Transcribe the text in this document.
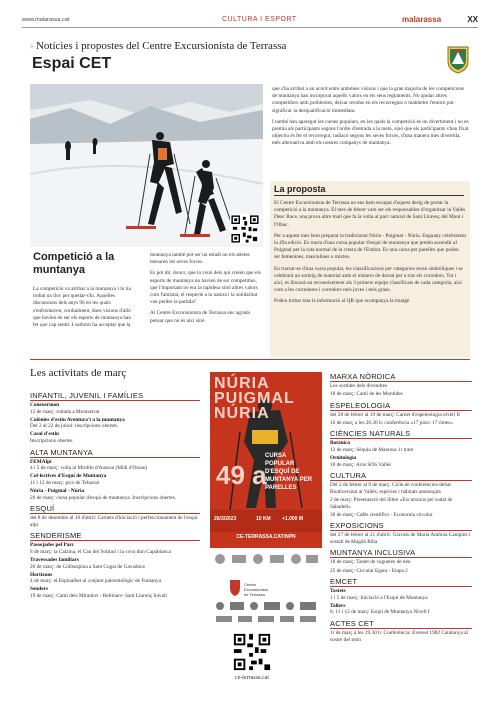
www.malarassa.cat	CULTURA I ESPORT	malarassa	XX
> Notícies i propostes del Centre Excursionista de Terrassa
Espai CET
Competició a la muntanya

La competició va arribar a la muntanya i hi ha trobat un lloc per quedar-s'hi. Aquelles discussions dels anys 90 en les quals s'enfrontaven, cordialment, dues visions d'allò que havien de ser els esports de muntanya han fet que cap sentit. I sorborn ha acceptar que la

muntanya també pot ser un estadi on els atletes mesuren les seves forces.

Es pot dir, doncs, que la visió dels qui creien que els esports de muntanya no havien de ser competitius, que l'important no era la rapidesa sinó altres valors com l'amistat, el respecte a la natura i la solidaritat van perdre la partida?

Al Centre Excursionista de Terrassa ens agrada pensar que no és així sinó

que s'ha arribat a un acord entre ambdues visions i que la gran majoria de les competicions de muntanya han incorporat aquells valors en els seus reglaments. No ajudar altres competidors amb problemes, deixar residus en els recorreguts o malmetre l'entorn pot significar la desqualificació immediata.

I també han aparegut les curses populars, en les quals la competició és un divertiment i no es premia als participants segons l'ordre d'entrada a la meta, sinó que els participants s'han fixat objectiu és fer el recorregut, radiacó segons les seves forces, d'una manera més divertida, més alternativa amb els nostres companys de muntanya.

La proposta

El Centre Excursionista de Terrassa no ens hem escapat d'aquest desig de portar la competició a la muntanya. El mes de febrer vam ser els responsables d'organitzar la Vallès Deac Race, una prova altre tnail que fa la volta al parc natural de Sant Llorenç del Munt i l'Obac.

Per a aquest mes hem preparat la tradicional Núria - Puigmal - Núria. Enguany celebrarem la 49a edició. Es tracta d'una cursa popular d'esquí de muntanya que pretén ascendir al Puigmal per la ruta normal de la cresta de l'Embut. Es una cursa per parelles que poden ser femenines, masculines o mixtes.

En tractar-se d'una cursa popular, les classificacions per categories seran simbòliques i se celebrarà un sorteig de material amb el número de dorsal per a tots els corredors. Tot i així, es lliurarà un reconeixement als 3 primers equips classificats de cada categoria, així com a les corredores i corredors més joves i més grans.

Podeu trobar tota la informació al QR que acompanya la imatge

Les activitats de març
INFANTIL, JUVENIL I FAMÍLIES
Conexermon
12 de març: rutlada a Montserrat
Colònies d'estiu Aventura't a la muntanya
Del 2 al 22 de juliol: inscripcions obertes.
Casal d'estiu
Inscripcions obertes
ALTA MUNTANYA
FEMAlpí
4 i 5 de març: volta al Mirdilu d'Aussau (Midi d'Ossau)
Col·lectives d'Esquí de Muntanya
11 i 12 de març: pics de Tebarrai
Núria - Puigmal - Núria
26 de març: cursa popular d'esquí de muntanya. Inscripcions obertes.
ESQUÍ
del 8 de desembre al 10 d'abril: Carnets d'iniciació i perfeccionament de l'esquí alpí
SENDERISME
Passejades pel Parc
8 de març: la Calzina, el Cau del Solitari i la cova dim Capablanca
Travessades familiars
26 de març: de Collsuspina a Sant Cugat de Gavadons
Horitzons
4 de març: el Espinalbet al conjunt paleontològic de Fumanya
Senders
19 de març: Camí dels Miradors - Rellinars- Sant Llorenç Savall
MARXA NÒRDICA
Les sortides dels divendres
18 de març: Camí de les Montides
ESPELEOLOGIA
del 28 de febrer al 19 de març: Carnet d'espeleologia nivell II
16 de març a les 20.30 h: conferència «17 piscc 17 rimes»
CIÈNCIES NATURALS
Botànica
12 de març: Sèquia de Manresa 1r tram
Ornitologia
18 de març: Acte SOS Vallès
CULTURA
Del 2 de febrer al 9 de març: Cicle de conferències-debat Biodiversitat al Vallès, espècies i hàbitats amenaçats
2 de març: Presentació del llibre «Excursions pel sodal de Sabadell»
30 de març: Cafès científics - Economia circular
EXPOSICIONS
del 27 de febrer al 21 d'abril: Gravats de Maria Antònia Campins i sostalt de Magdà Riba
MUNTANYA INCLUSIVA
18 de març: Tastet de vagueres de neu
25 de març: Circular Egara - Etapa 2
EMCET
Tastets
1 i 5 de març: Iniciació a l'Esquí de Muntanya
Tallers
8, 11 i 12 de març: Esquí de Muntanya Nivell I
ACTES CET
1r de març a les 19.30 h: Conferència: Everest 1982 Catalunya al sostre del món
NÚRIA PUIGMAL NÚRIA
49 a
CURSA POPULAR D'ESQUÍ DE MUNTANYA PER PARELLES
26/3/2023	10 KM +1.000 M
CE-TERRASSA.CAT/NPN
Centre
Excursionista
de Terrassa
ce-terrassa.cat
